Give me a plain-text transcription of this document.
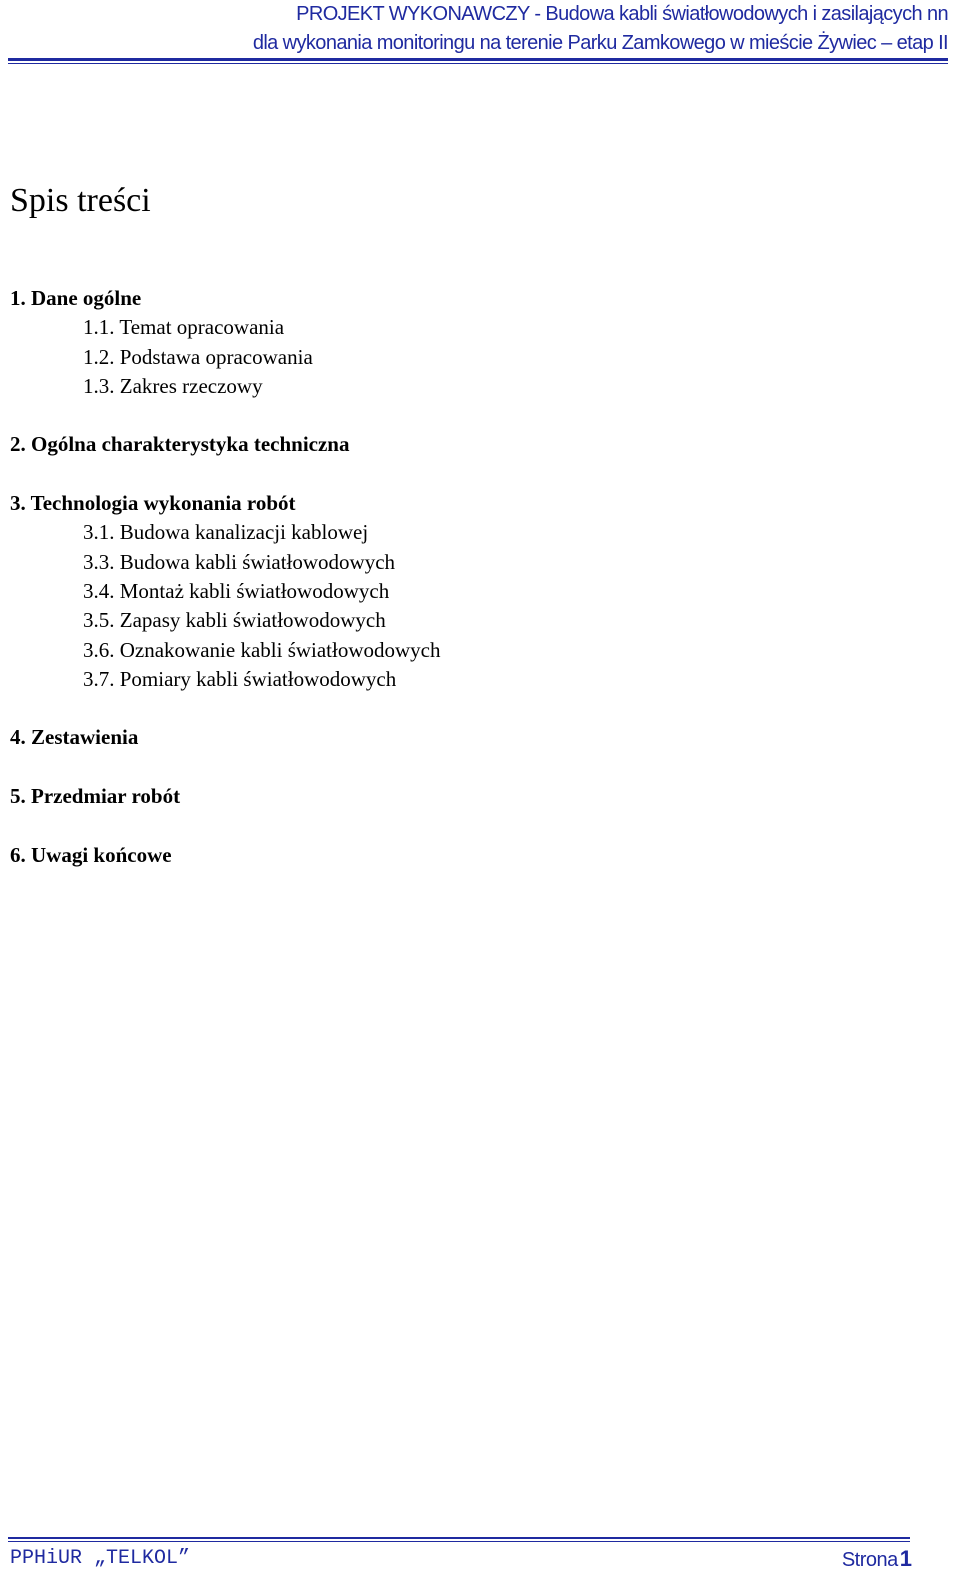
PROJEKT WYKONAWCZY - Budowa kabli światłowodowych i zasilających nn
dla wykonania monitoringu na terenie Parku Zamkowego w mieście Żywiec – etap II
Spis treści
1. Dane ogólne
1.1. Temat opracowania
1.2. Podstawa opracowania
1.3. Zakres rzeczowy
2. Ogólna charakterystyka techniczna
3. Technologia wykonania robót
3.1. Budowa kanalizacji kablowej
3.3. Budowa kabli światłowodowych
3.4. Montaż kabli światłowodowych
3.5. Zapasy kabli światłowodowych
3.6. Oznakowanie kabli światłowodowych
3.7. Pomiary kabli światłowodowych
4. Zestawienia
5. Przedmiar robót
6. Uwagi końcowe
PPHiUR „TELKOL”	Strona1
